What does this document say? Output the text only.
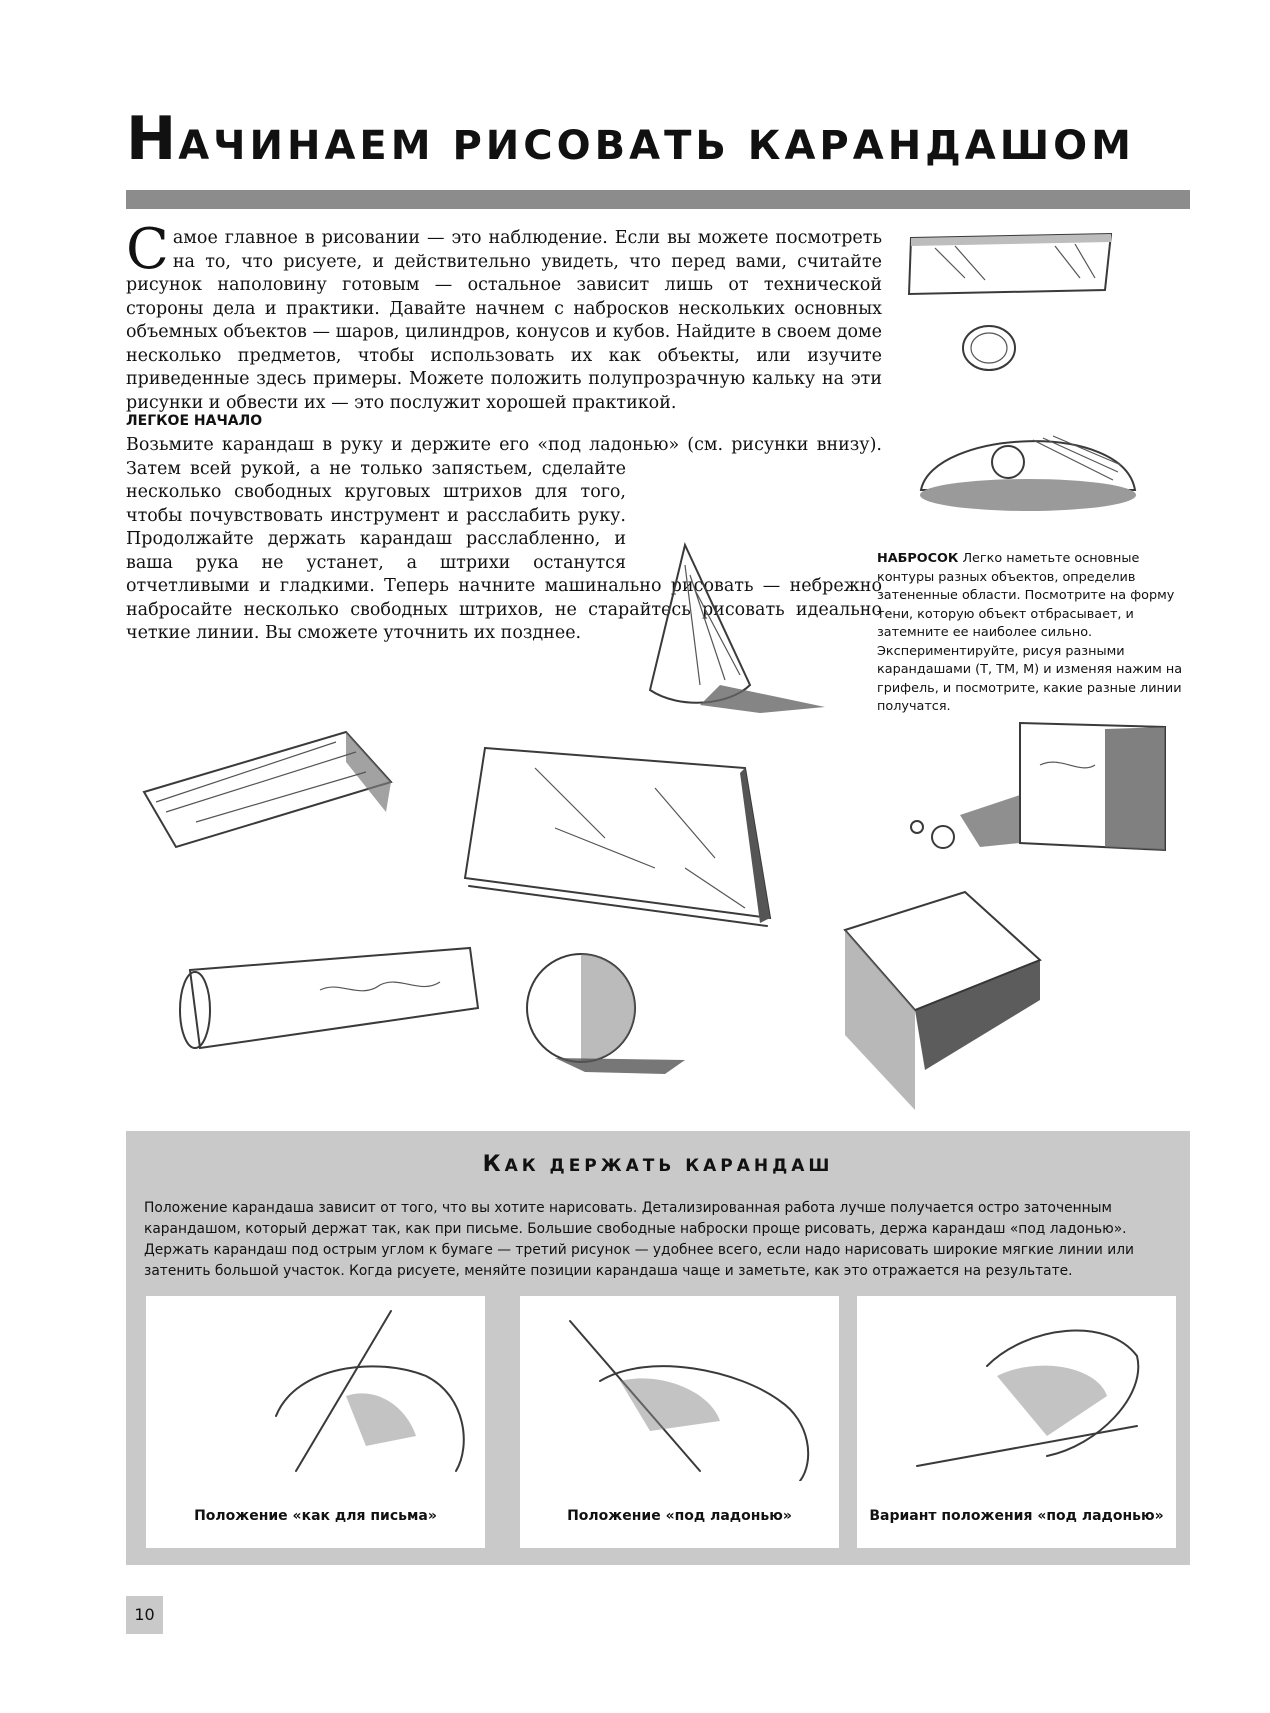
НАЧИНАЕМ РИСОВАТЬ КАРАНДАШОМ
Самое главное в рисовании — это наблюдение. Если вы можете посмотреть на то, что рисуете, и действительно увидеть, что перед вами, считайте рисунок наполовину готовым — остальное зависит лишь от технической стороны дела и практики. Давайте начнем с набросков нескольких основных объемных объектов — шаров, цилиндров, конусов и кубов. Найдите в своем доме несколько предметов, чтобы использовать их как объекты, или изучите приведенные здесь примеры. Можете положить полупрозрачную кальку на эти рисунки и обвести их — это послужит хорошей практикой.
ЛЕГКОЕ НАЧАЛО
Возьмите карандаш в руку и держите его «под ладонью» (см. рисунки внизу). Затем всей рукой, а не только запястьем, сделайте несколько свободных круговых штрихов для того, чтобы почувствовать инструмент и расслабить руку. Продолжайте держать карандаш расслабленно, и ваша рука не устанет, а штрихи останутся отчетливыми и гладкими. Теперь начните машинально рисовать — небрежно набросайте несколько свободных штрихов, не старайтесь рисовать идеально четкие линии. Вы сможете уточнить их позднее.
НАБРОСОК Легко наметьте основные контуры разных объектов, определив затененные области. Посмотрите на форму тени, которую объект отбрасывает, и затемните ее наиболее сильно. Экспериментируйте, рисуя разными карандашами (Т, ТМ, М) и изменяя нажим на грифель, и посмотрите, какие разные линии получатся.
КАК ДЕРЖАТЬ КАРАНДАШ
Положение карандаша зависит от того, что вы хотите нарисовать. Детализированная работа лучше получается остро заточенным карандашом, который держат так, как при письме. Большие свободные наброски проще рисовать, держа карандаш «под ладонью». Держать карандаш под острым углом к бумаге — третий рисунок — удобнее всего, если надо нарисовать широкие мягкие линии или затенить большой участок. Когда рисуете, меняйте позиции карандаша чаще и заметьте, как это отражается на результате.
Положение «как для письма»	Положение «под ладонью»	Вариант положения «под ладонью»
10
